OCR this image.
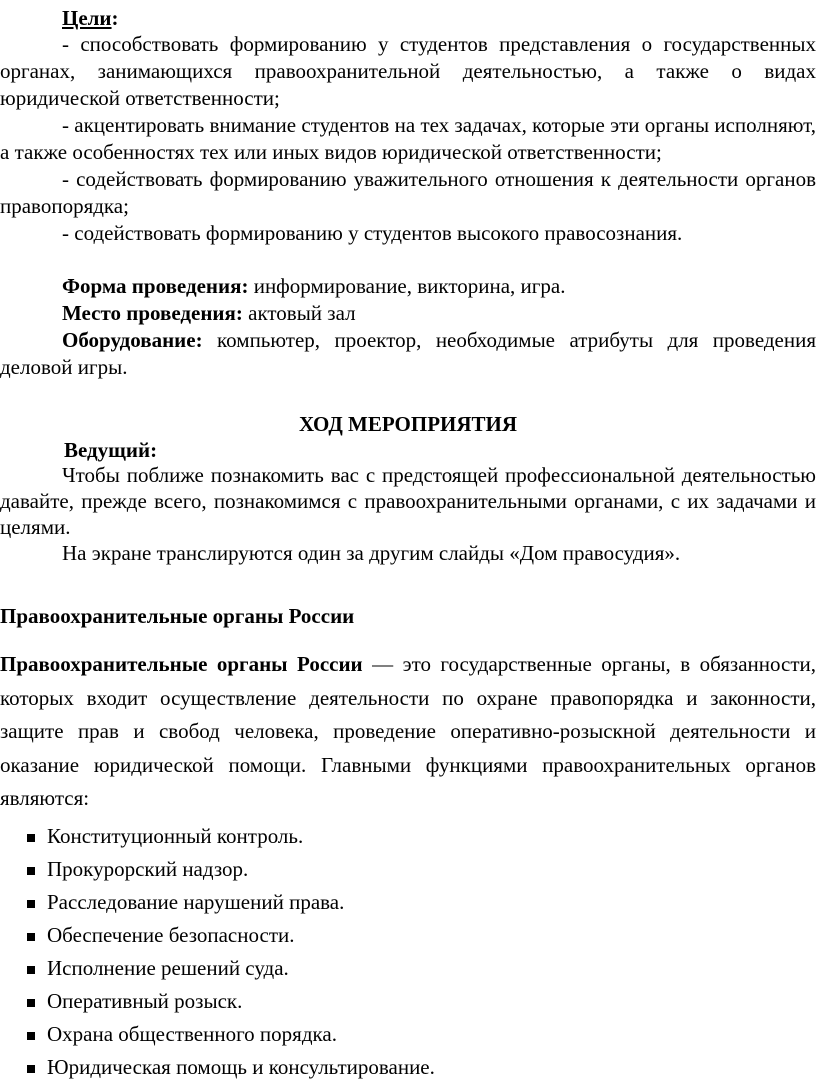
Цели:

- способствовать формированию у студентов представления о государственных органах, занимающихся правоохранительной деятельностью, а также о видах юридической ответственности;

- акцентировать внимание студентов на тех задачах, которые эти органы исполняют, а также особенностях тех или иных видов юридической ответственности;

- содействовать формированию уважительного отношения к деятельности органов правопорядка;

- содействовать формированию у студентов высокого правосознания.

Форма проведения: информирование, викторина, игра.

Место проведения: актовый зал

Оборудование: компьютер, проектор, необходимые атрибуты для проведения деловой игры.

ХОД МЕРОПРИЯТИЯ
Ведущий:

Чтобы поближе познакомить вас с предстоящей профессиональной деятельностью давайте, прежде всего, познакомимся с правоохранительными органами, с их задачами и целями.

На экране транслируются один за другим слайды «Дом правосудия».

Правоохранительные органы России

Правоохранительные органы России — это государственные органы, в обязанности, которых входит осуществление деятельности по охране правопорядка и законности, защите прав и свобод человека, проведение оперативно-розыскной деятельности и оказание юридической помощи. Главными функциями правоохранительных органов являются:

Конституционный контроль.
Прокурорский надзор.
Расследование нарушений права.
Обеспечение безопасности.
Исполнение решений суда.
Оперативный розыск.
Охрана общественного порядка.
Юридическая помощь и консультирование.
